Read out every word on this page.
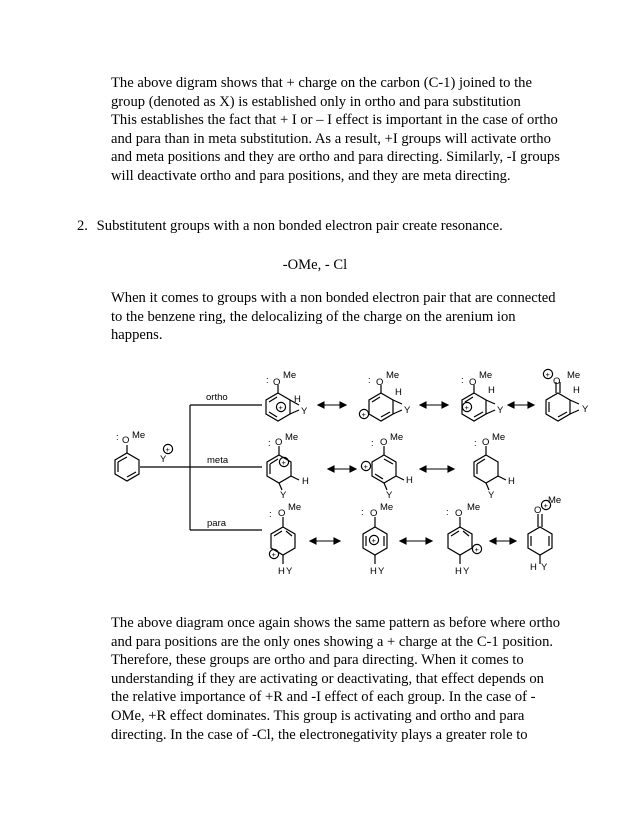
The above digram shows that + charge on the carbon (C-1) joined to the
group (denoted as X) is established only in ortho and para substitution
This establishes the fact that + I or – I effect is important in the case of ortho
and para than in meta substitution. As a result, +I groups will activate ortho
and meta positions and they are ortho and para directing. Similarly, -I groups
will deactivate ortho and para positions, and they are meta directing.
2. Substitutent groups with a non bonded electron pair create resonance.
-OMe, - Cl
When it comes to groups with a non bonded electron pair that are connected
to the benzene ring, the delocalizing of the charge on the arenium ion
happens.
ortho
meta
para
: O Me
Y
+
: O
Me
H
Y
+
: O
Me
H
Y
+
: O
Me
H
Y
+
O
Me
H
Y
+
: O Me
H
Y
+
: O Me
H
Y
+
: O Me
H
Y
: O
Me
H Y
+
: O
Me
H Y
+
: O
Me
H Y
+
O
Me
H Y
+
The above diagram once again shows the same pattern as before where ortho
and para positions are the only ones showing a + charge at the C-1 position.
Therefore, these groups are ortho and para directing. When it comes to
understanding if they are activating or deactivating, that effect depends on
the relative importance of +R and -I effect of each group. In the case of -
OMe, +R effect dominates. This group is activating and ortho and para
directing. In the case of -Cl, the electronegativity plays a greater role to
